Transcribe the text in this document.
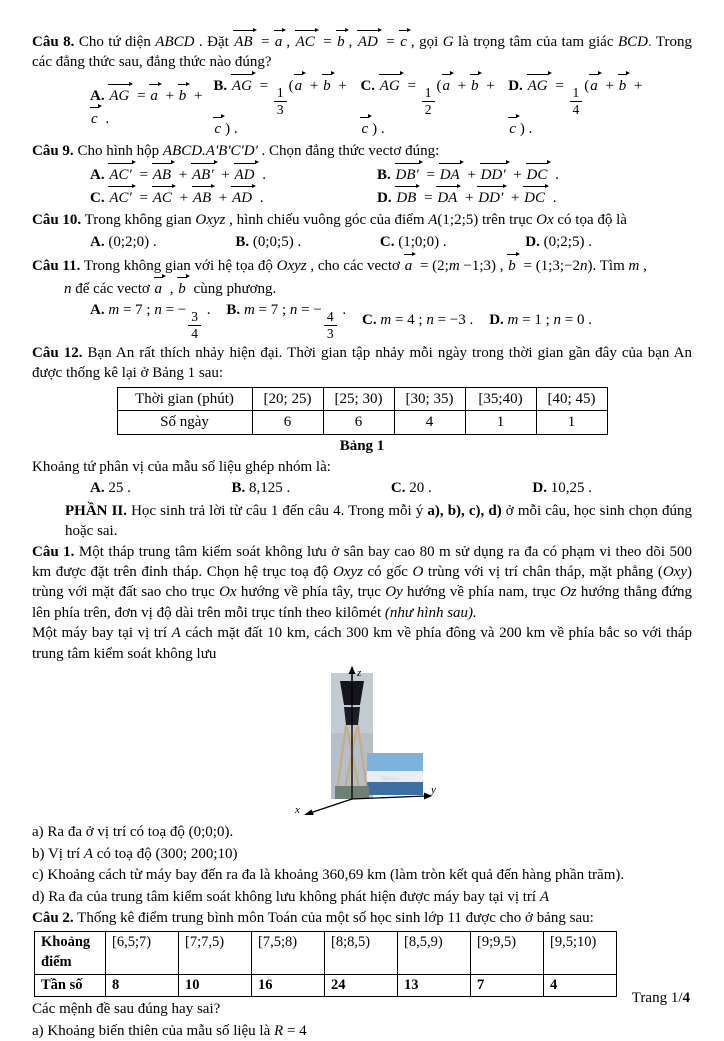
Câu 8. Cho tứ diện ABCD . Đặt AB = a , AC = b , AD = c , gọi G là trọng tâm của tam giác BCD. Trong các đẳng thức sau, đẳng thức nào đúng?

A. AG = a + b + c .
B. AG = $\frac{1}{3} (a + b + c$ ) .
C. AG = $\frac{1}{2} (a + b + c$ ) .
D. AG = $\frac{1}{4} (a + b + c$ ) .

Câu 9. Cho hình hộp ABCD.A'B'C'D' . Chọn đẳng thức vectơ đúng:

A. AC' = AB + AB' + AD .	B. DB' = DA + DD' + DC .
C. AC' = AC + AB + AD .	D. DB = DA + DD' + DC .

Câu 10. Trong không gian Oxyz , hình chiếu vuông góc của điểm A(1;2;5) trên trục Ox có tọa độ là

A. (0;2;0) .	B. (0;0;5) .	C. (1;0;0) .	D. (0;2;5) .

Câu 11. Trong không gian với hệ tọa độ Oxyz , cho các vectơ a = (2;m −1;3) , b = (1;3;−2n). Tìm m ,

n để các vectơ a , b cùng phương.

A. m = 7 ; n = − $\frac{3}{4}$ . B. m = 7 ; n = − $\frac{4}{3}$ .
C. m = 4 ; n = −3 . D. m = 1 ; n = 0 .

Câu 12. Bạn An rất thích nhảy hiện đại. Thời gian tập nhảy mỗi ngày trong thời gian gần đây của bạn An được thống kê lại ở Bảng 1 sau:

Thời gian (phút)	[20; 25)	[25; 30)	[30; 35)	[35;40)	[40; 45)
Số ngày	6	6	4	1	1
Bảng 1

Khoảng tứ phân vị của mẫu số liệu ghép nhóm là:

A. 25 .	B. 8,125 .	C. 20 .	D. 10,25 .

PHẦN II. Học sinh trả lời từ câu 1 đến câu 4. Trong mỗi ý a), b), c), d) ở mỗi câu, học sinh chọn đúng hoặc sai.

Câu 1. Một tháp trung tâm kiểm soát không lưu ở sân bay cao 80 m sử dụng ra đa có phạm vi theo dõi 500 km được đặt trên đỉnh tháp. Chọn hệ trục toạ độ Oxyz có gốc O trùng với vị trí chân tháp, mặt phẳng (Oxy) trùng với mặt đất sao cho trục Ox hướng về phía tây, trục Oy hướng về phía nam, trục Oz hướng thẳng đứng lên phía trên, đơn vị độ dài trên mỗi trục tính theo kilômét (như hình sau).

Một máy bay tại vị trí A cách mặt đất 10 km, cách 300 km về phía đông và 200 km về phía bắc so với tháp trung tâm kiểm soát không lưu

z
y
x

a) Ra đa ở vị trí có toạ độ (0;0;0).

b) Vị trí A có toạ độ (300; 200;10)

c) Khoảng cách từ máy bay đến ra đa là khoảng 360,69 km (làm tròn kết quả đến hàng phần trăm).

d) Ra đa của trung tâm kiểm soát không lưu không phát hiện được máy bay tại vị trí A

Câu 2. Thống kê điểm trung bình môn Toán của một số học sinh lớp 11 được cho ở bảng sau:

Khoảng điểm	[6,5;7)	[7;7,5)	[7,5;8)	[8;8,5)	[8,5,9)	[9;9,5)	[9,5;10)
Tần số	8	10	16	24	13	7	4

Các mệnh đề sau đúng hay sai?

a) Khoảng biến thiên của mẫu số liệu là R = 4

Trang 1/4
